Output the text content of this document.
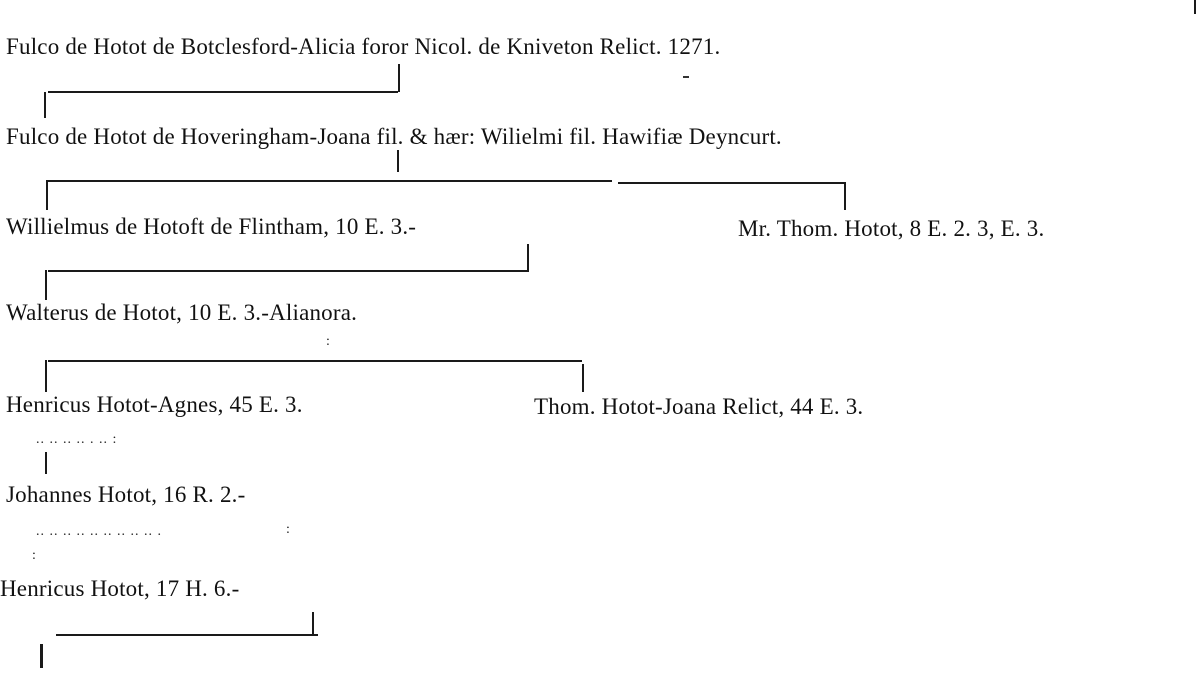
Fulco de Hotot de Botclesford-Alicia foror Nicol. de Kniveton Relict. 1271.
Fulco de Hotot de Hoveringham-Joana fil. & hær: Wilielmi fil. Hawifiæ Deyncurt.
Willielmus de Hotoft de Flintham, 10 E. 3.-	Mr. Thom. Hotot, 8 E. 2. 3, E. 3.
Walterus de Hotot, 10 E. 3.-Alianora.
:
Henricus Hotot-Agnes, 45 E. 3.	Thom. Hotot-Joana Relict, 44 E. 3.
.. .. .. .. . .. :
Johannes Hotot, 16 R. 2.-
.. .. .. .. .. .. .. .. .. .	:
:
Henricus Hotot, 17 H. 6.-
